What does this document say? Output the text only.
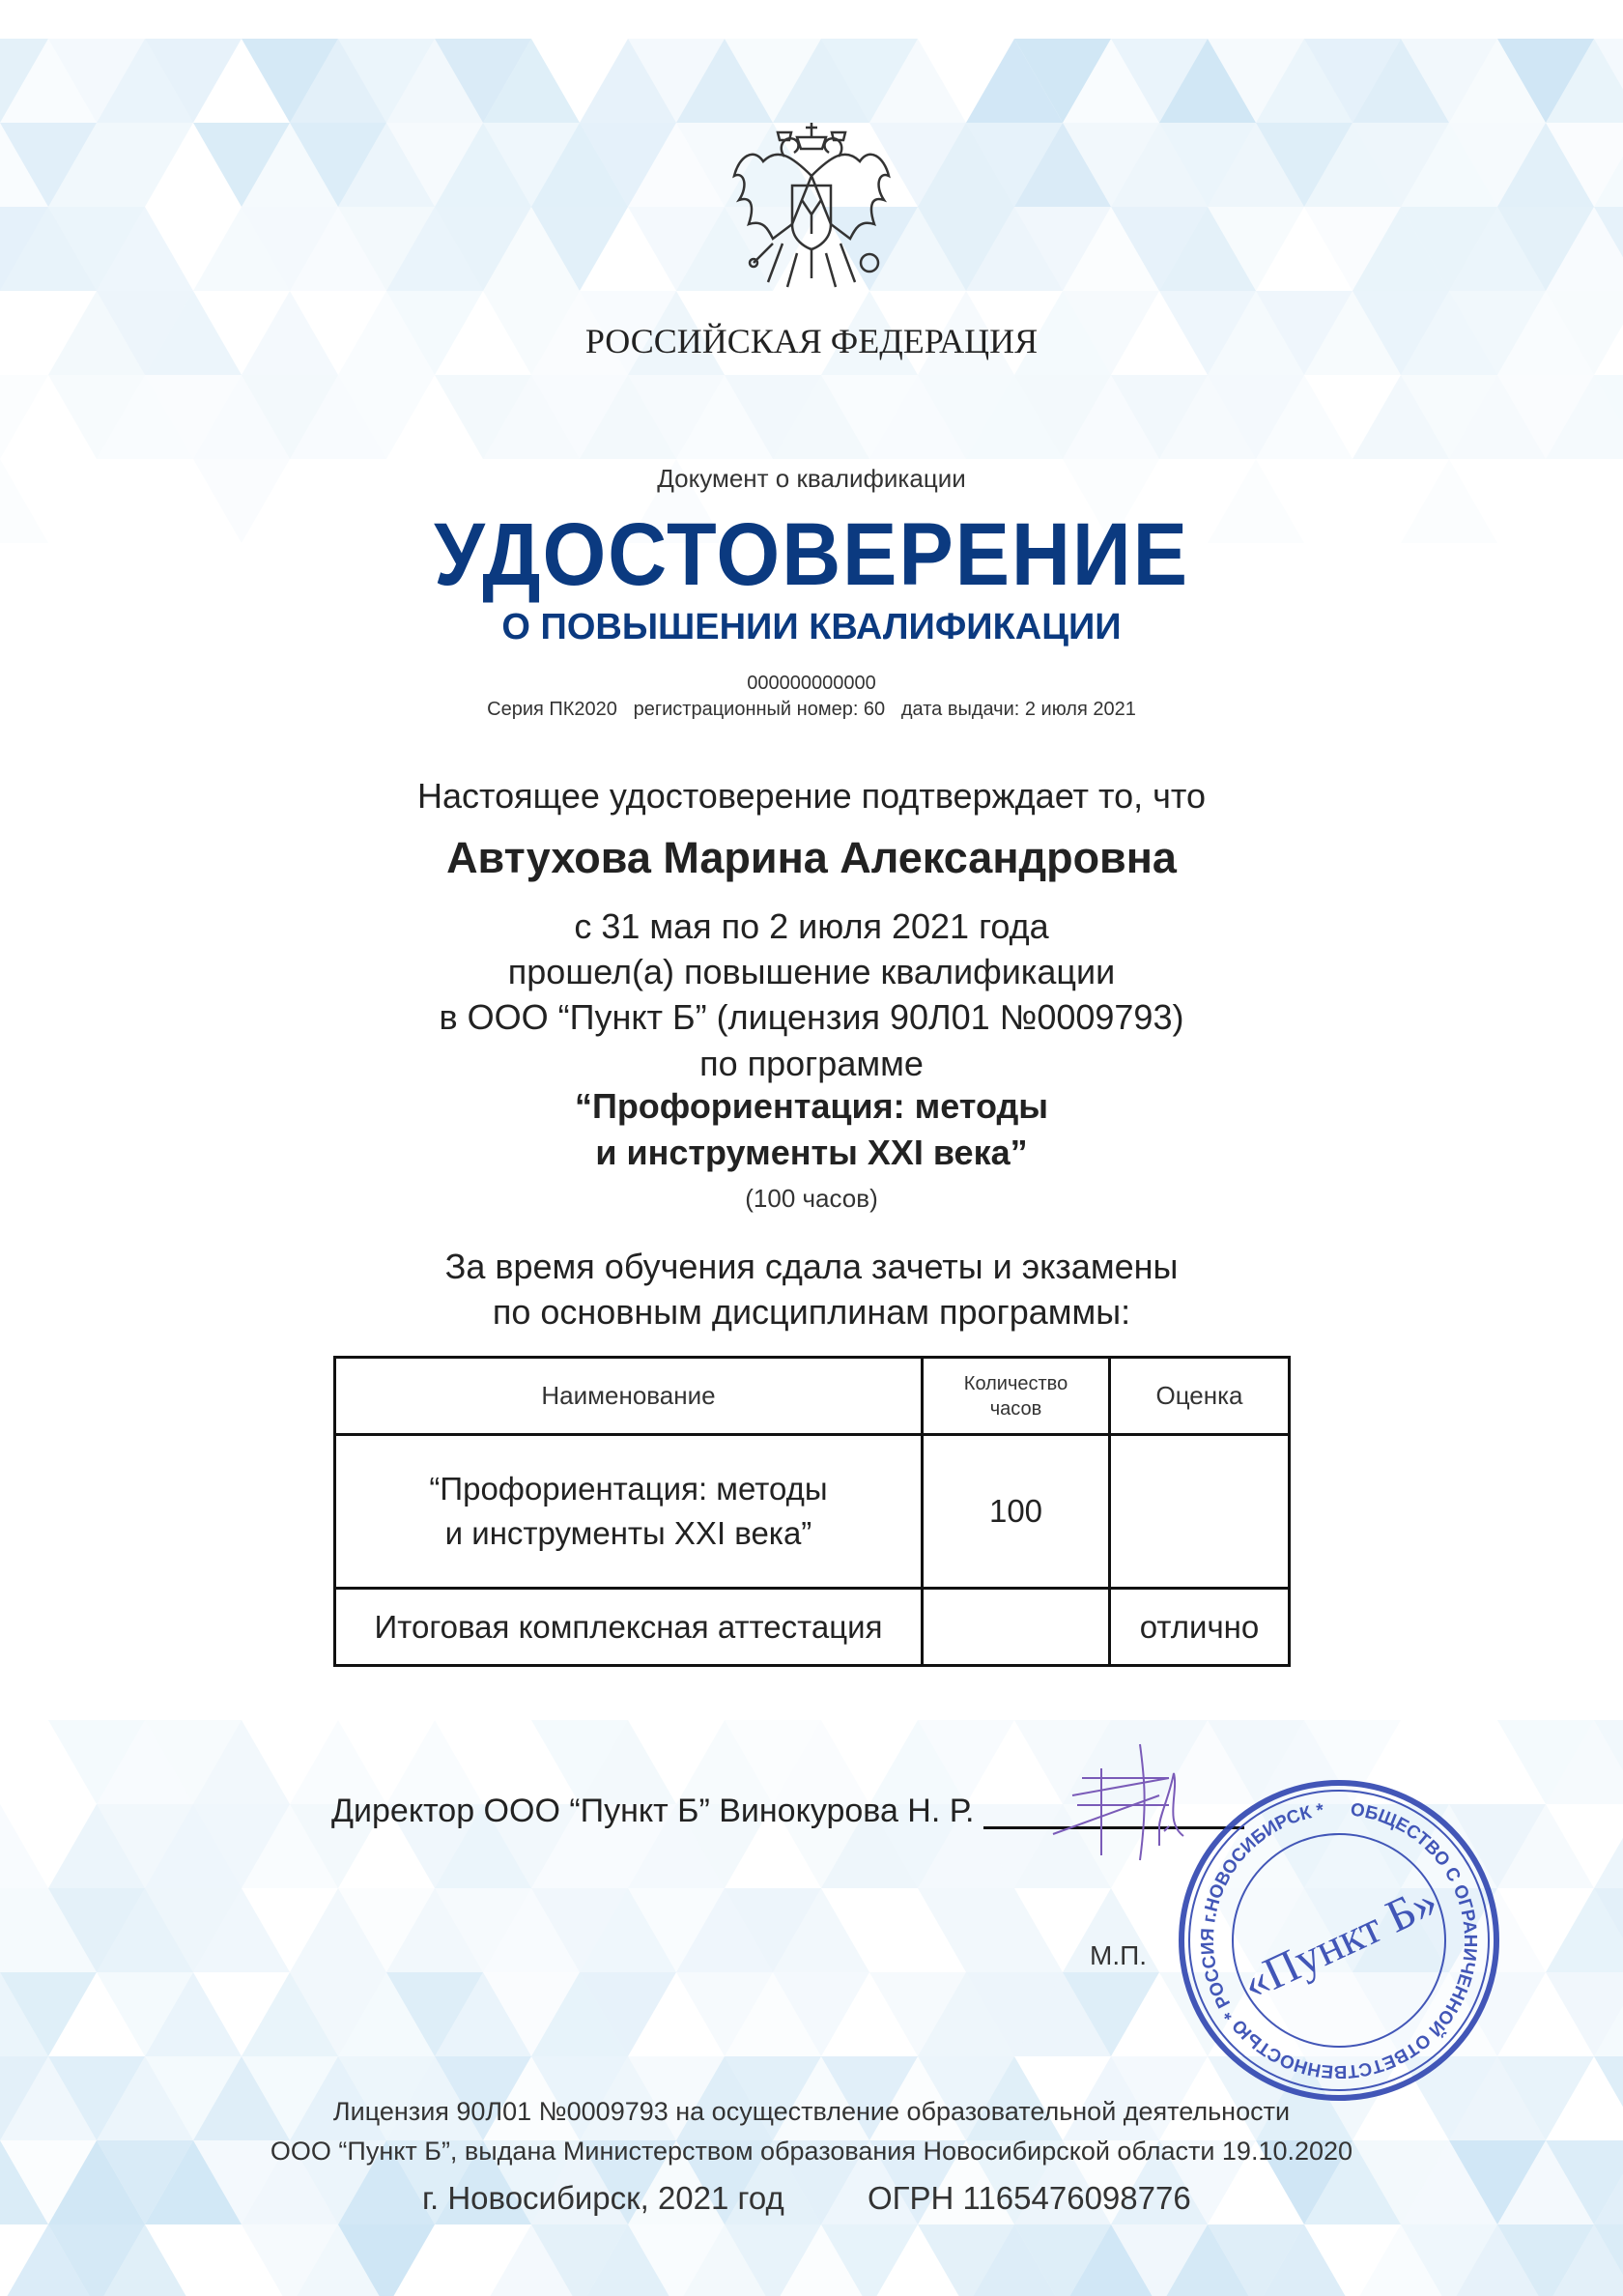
РОССИЙСКАЯ ФЕДЕРАЦИЯ
Документ о квалификации
УДОСТОВЕРЕНИЕ
О ПОВЫШЕНИИ КВАЛИФИКАЦИИ
000000000000
Серия ПК2020   регистрационный номер: 60   дата выдачи: 2 июля 2021
Настоящее удостоверение подтверждает то, что
Автухова Марина Александровна
с 31 мая по 2 июля 2021 года
прошел(а) повышение квалификации
в ООО “Пункт Б” (лицензия 90Л01 №0009793)
по программе
“Профориентация: методы
и инструменты XXI века”
(100 часов)
За время обучения сдала зачеты и экзамены
по основным дисциплинам программы:
Наименование	Количество часов	Оценка

“Профориентация: методы
и инструменты XXI века”	100	
Итоговая комплексная аттестация		отлично
Директор ООО “Пункт Б” Винокурова Н. Р.
М.П.
ОБЩЕСТВО С ОГРАНИЧЕННОЙ ОТВЕТСТВЕННОСТЬЮ * РОССИЯ г.НОВОСИБИРСК *
«Пункт Б»
Лицензия 90Л01 №0009793 на осуществление образовательной деятельности
ООО “Пункт Б”, выдана Министерством образования Новосибирской области 19.10.2020
г. Новосибирск, 2021 год	ОГРН 1165476098776
